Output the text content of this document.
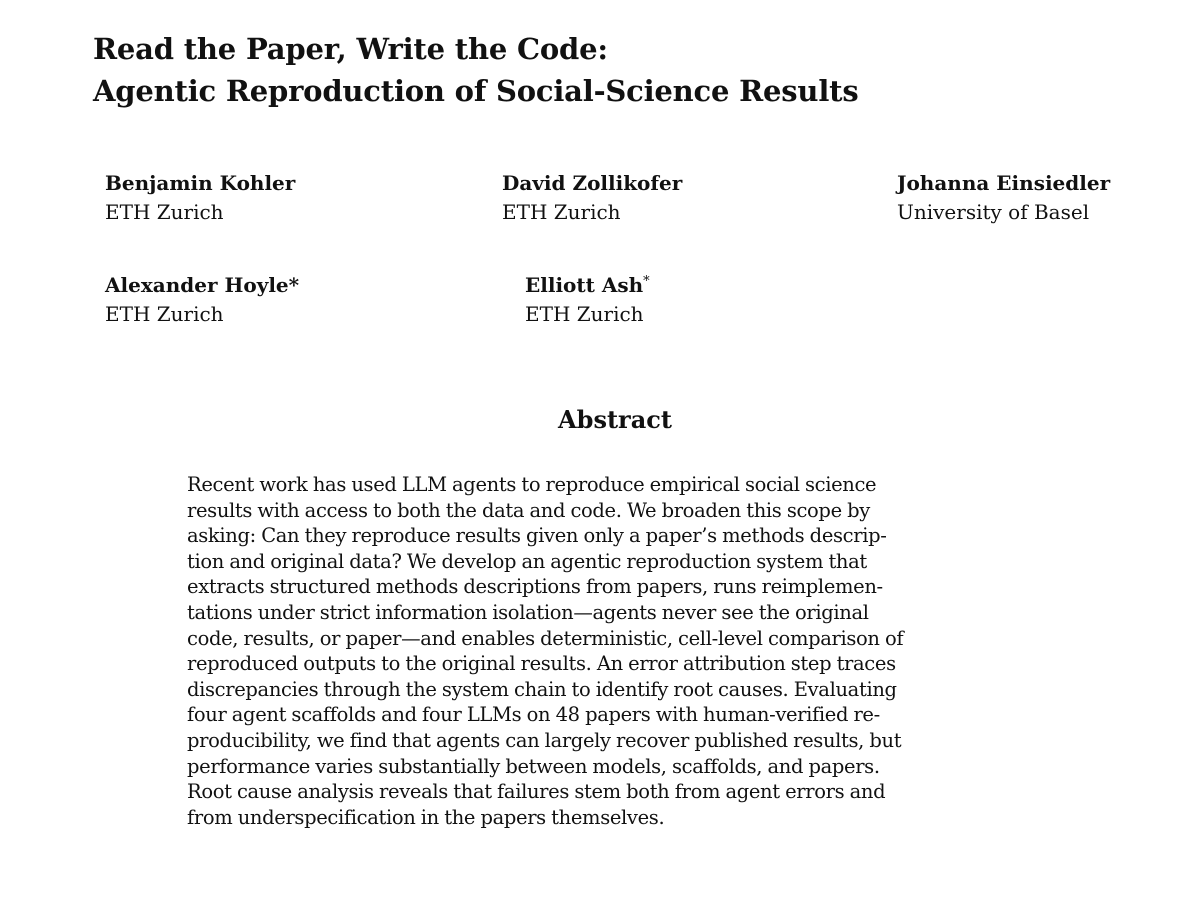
Read the Paper, Write the Code:
Agentic Reproduction of Social-Science Results
Benjamin Kohler
ETH Zurich
David Zollikofer
ETH Zurich
Johanna Einsiedler
University of Basel
Alexander Hoyle*
ETH Zurich
Elliott Ash*
ETH Zurich
Abstract

Recent work has used LLM agents to reproduce empirical social science
results with access to both the data and code. We broaden this scope by
asking: Can they reproduce results given only a paper’s methods descrip-
tion and original data? We develop an agentic reproduction system that
extracts structured methods descriptions from papers, runs reimplemen-
tations under strict information isolation—agents never see the original
code, results, or paper—and enables deterministic, cell-level comparison of
reproduced outputs to the original results. An error attribution step traces
discrepancies through the system chain to identify root causes. Evaluating
four agent scaffolds and four LLMs on 48 papers with human-verified re-
producibility, we find that agents can largely recover published results, but
performance varies substantially between models, scaffolds, and papers.
Root cause analysis reveals that failures stem both from agent errors and
from underspecification in the papers themselves.
